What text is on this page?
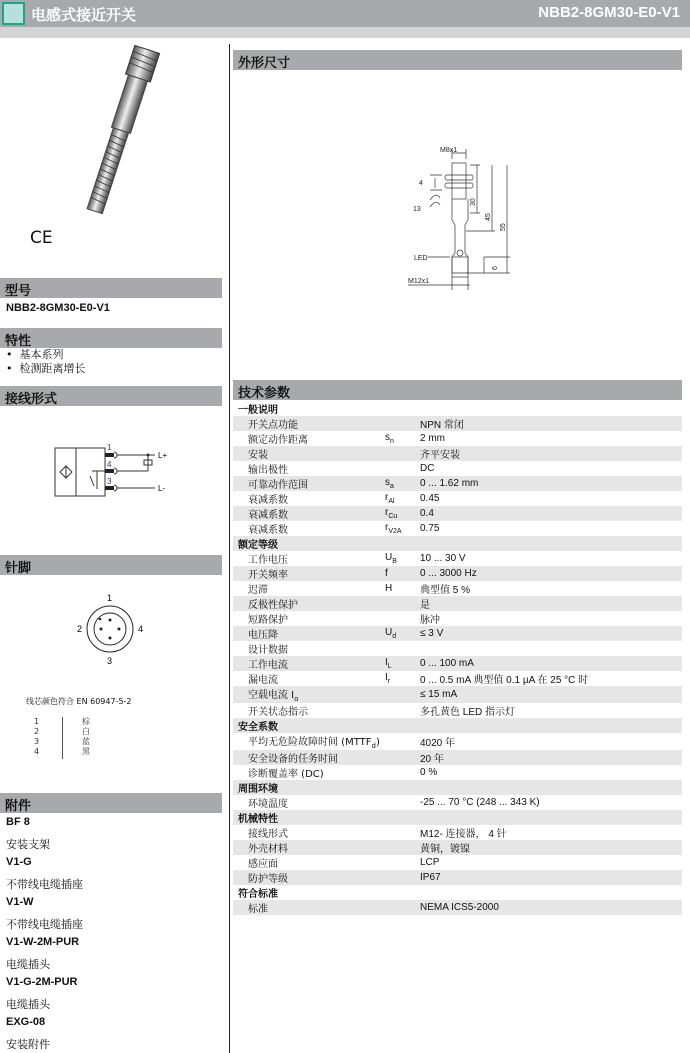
电感式接近开关	NBB2-8GM30-E0-V1
CE
型号
NBB2-8GM30-E0-V1
特性
•  基本系列
•  检测距离增长
接线形式
1
4
3
L+
L-
针脚
1
2
3
4
线芯颜色符合 EN 60947-5-2
1	棕
2	白
3	蓝
4	黑
附件
BF 8
安装支架
V1-G
不带线电缆插座
V1-W
不带线电缆插座
V1-W-2M-PUR
电缆插头
V1-G-2M-PUR
电缆插头
EXG-08
安装附件
外形尺寸
M8x1
4
13
30
45
55
LED
6
M12x1
技术参数
一般说明		
开关点功能		NPN 常闭
额定动作距离	$s_n$	2 mm
安装		齐平安装
输出极性		DC
可靠动作范围	$s_a$	0 ... 1.62 mm
衰减系数	$r_{Al}$	0.45
衰减系数	$r_{Cu}$	0.4
衰减系数	$r_{V2A}$	0.75
额定等级		
工作电压	$U_B$	10 ... 30 V
开关频率	f	0 ... 3000 Hz
迟滞	H	典型值 5 %
反极性保护		是
短路保护		脉冲
电压降	$U_d$	≤ 3 V
设计数据		
工作电流	$I_L$	0 ... 100 mA
漏电流	$I_r$	0 ... 0.5 mA 典型值 0.1 µA 在 25 °C 时
空载电流 $I_o$		≤ 15 mA
开关状态指示		多孔黄色 LED 指示灯
安全系数		
平均无危险故障时间 $(MTTF_d)$		4020 年
安全设备的任务时间		20 年
诊断覆盖率 (DC)		0 %
周围环境		
环境温度		-25 ... 70 °C (248 ... 343 K)
机械特性		
接线形式		M12- 连接器， 4 针
外壳材料		黄铜，镀镍
感应面		LCP
防护等级		IP67
符合标准		
标准		NEMA ICS5-2000
